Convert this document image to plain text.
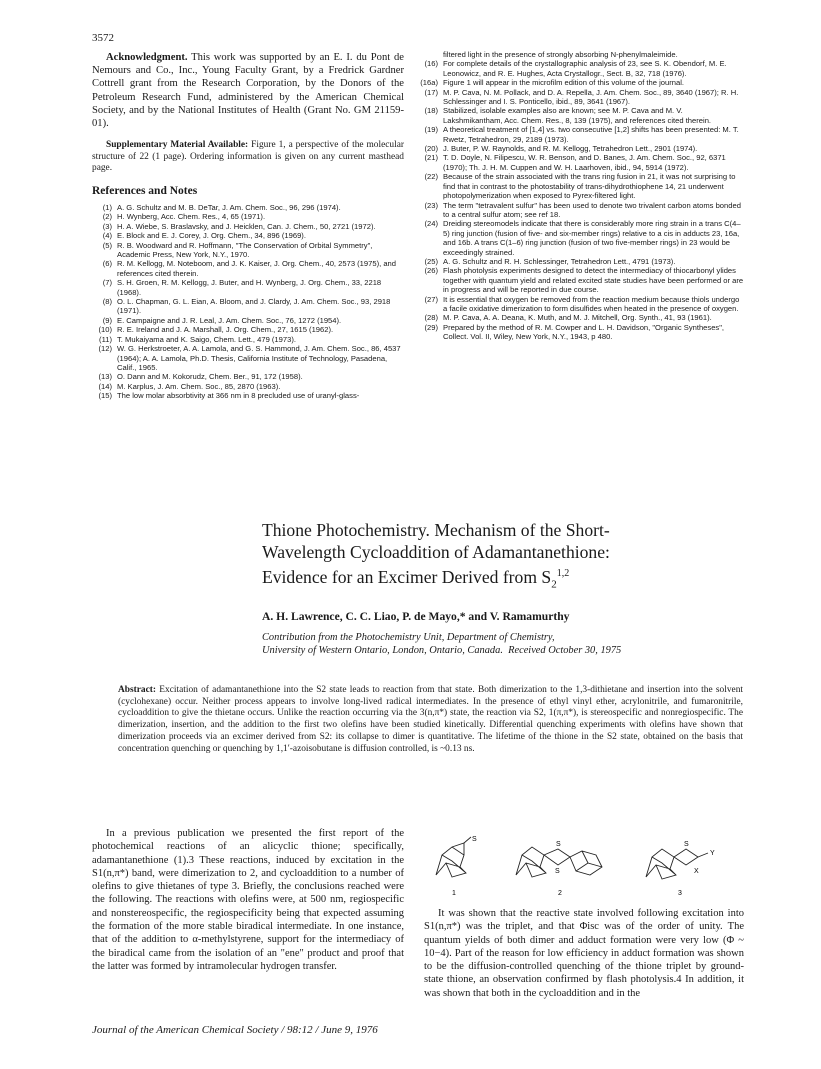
3572

Acknowledgment. This work was supported by an E. I. du Pont de Nemours and Co., Inc., Young Faculty Grant, by a Fredrick Gardner Cottrell grant from the Research Corporation, by the Donors of the Petroleum Research Fund, administered by the American Chemical Society, and by the National Institutes of Health (Grant No. GM 21159-01).

Supplementary Material Available: Figure 1, a perspective of the molecular structure of 22 (1 page). Ordering information is given on any current masthead page.

References and Notes
(1) A. G. Schultz and M. B. DeTar, J. Am. Chem. Soc., 96, 296 (1974).
(2) H. Wynberg, Acc. Chem. Res., 4, 65 (1971).
(3) H. A. Wiebe, S. Braslavsky, and J. Heicklen, Can. J. Chem., 50, 2721 (1972).
(4) E. Block and E. J. Corey, J. Org. Chem., 34, 896 (1969).
(5) R. B. Woodward and R. Hoffmann, "The Conservation of Orbital Symmetry", Academic Press, New York, N.Y., 1970.
(6) R. M. Kellogg, M. Noteboom, and J. K. Kaiser, J. Org. Chem., 40, 2573 (1975), and references cited therein.
(7) S. H. Groen, R. M. Kellogg, J. Buter, and H. Wynberg, J. Org. Chem., 33, 2218 (1968).
(8) O. L. Chapman, G. L. Eian, A. Bloom, and J. Clardy, J. Am. Chem. Soc., 93, 2918 (1971).
(9) E. Campaigne and J. R. Leal, J. Am. Chem. Soc., 76, 1272 (1954).
(10) R. E. Ireland and J. A. Marshall, J. Org. Chem., 27, 1615 (1962).
(11) T. Mukaiyama and K. Saigo, Chem. Lett., 479 (1973).
(12) W. G. Herkstroeter, A. A. Lamola, and G. S. Hammond, J. Am. Chem. Soc., 86, 4537 (1964); A. A. Lamola, Ph.D. Thesis, California Institute of Technology, Pasadena, Calif., 1965.
(13) O. Dann and M. Kokorudz, Chem. Ber., 91, 172 (1958).
(14) M. Karplus, J. Am. Chem. Soc., 85, 2870 (1963).
(15) The low molar absorbtivity at 366 nm in 8 precluded use of uranyl-glass-
filtered light in the presence of strongly absorbing N-phenylmaleimide.
(16) For complete details of the crystallographic analysis of 23, see S. K. Obendorf, M. E. Leonowicz, and R. E. Hughes, Acta Crystallogr., Sect. B, 32, 718 (1976).
(16a) Figure 1 will appear in the microfilm edition of this volume of the journal.
(17) M. P. Cava, N. M. Pollack, and D. A. Repella, J. Am. Chem. Soc., 89, 3640 (1967); R. H. Schlessinger and I. S. Ponticello, ibid., 89, 3641 (1967).
(18) Stabilized, isolable examples also are known; see M. P. Cava and M. V. Lakshmikantham, Acc. Chem. Res., 8, 139 (1975), and references cited therein.
(19) A theoretical treatment of [1,4] vs. two consecutive [1,2] shifts has been presented: M. T. Rwetz, Tetrahedron, 29, 2189 (1973).
(20) J. Buter, P. W. Raynolds, and R. M. Kellogg, Tetrahedron Lett., 2901 (1974).
(21) T. D. Doyle, N. Filipescu, W. R. Benson, and D. Banes, J. Am. Chem. Soc., 92, 6371 (1970); Th. J. H. M. Cuppen and W. H. Laarhoven, ibid., 94, 5914 (1972).
(22) Because of the strain associated with the trans ring fusion in 21, it was not surprising to find that in contrast to the photostability of trans-dihydrothiophene 14, 21 underwent photopolymerization when exposed to Pyrex-filtered light.
(23) The term "tetravalent sulfur" has been used to denote two trivalent carbon atoms bonded to a central sulfur atom; see ref 18.
(24) Dreiding stereomodels indicate that there is considerably more ring strain in a trans C(4–5) ring junction (fusion of five- and six-member rings) relative to a cis in adducts 23, 16a, and 16b. A trans C(1–6) ring junction (fusion of two five-member rings) in 23 would be exceedingly strained.
(25) A. G. Schultz and R. H. Schlessinger, Tetrahedron Lett., 4791 (1973).
(26) Flash photolysis experiments designed to detect the intermediacy of thiocarbonyl ylides together with quantum yield and related excited state studies have been performed or are in progress and will be reported in due course.
(27) It is essential that oxygen be removed from the reaction medium because thiols undergo a facile oxidative dimerization to form disulfides when heated in the presence of oxygen.
(28) M. P. Cava, A. A. Deana, K. Muth, and M. J. Mitchell, Org. Synth., 41, 93 (1961).
(29) Prepared by the method of R. M. Cowper and L. H. Davidson, "Organic Syntheses", Collect. Vol. II, Wiley, New York, N.Y., 1943, p 480.
Thione Photochemistry. Mechanism of the Short-
Wavelength Cycloaddition of Adamantanethione:
Evidence for an Excimer Derived from $S_2^{1,2}$
A. H. Lawrence, C. C. Liao, P. de Mayo,* and V. Ramamurthy
Contribution from the Photochemistry Unit, Department of Chemistry,
University of Western Ontario, London, Ontario, Canada. Received October 30, 1975
Abstract: Excitation of adamantanethione into the S2 state leads to reaction from that state. Both dimerization to the 1,3-dithietane and insertion into the solvent (cyclohexane) occur. Neither process appears to involve long-lived radical intermediates. In the presence of ethyl vinyl ether, acrylonitrile, and fumaronitrile, cycloaddition to give the thietane occurs. Unlike the reaction occurring via the 3(n,π*) state, the reaction via S2, 1(π,π*), is stereospecific and nonregiospecific. The dimerization, insertion, and the addition to the first two olefins have been studied kinetically. Differential quenching experiments with olefins have shown that dimerization proceeds via an excimer derived from S2: its collapse to dimer is quantitative. The lifetime of the thione in the S2 state, obtained on the basis that concentration quenching or quenching by 1,1′-azoisobutane is diffusion controlled, is ~0.13 ns.

In a previous publication we presented the first report of the photochemical reactions of an alicyclic thione; specifically, adamantanethione (1).3 These reactions, induced by excitation in the S1(n,π*) band, were dimerization to 2, and cycloaddition to a number of olefins to give thietanes of type 3. Briefly, the conclusions reached were the following. The reactions with olefins were, at 500 nm, regiospecific and nonstereospecific, the regiospecificity being that expected assuming the formation of the more stable biradical intermediate. In one instance, that of the addition to α-methylstyrene, support for the intermediacy of the biradical came from the isolation of an "ene" product and proof that the latter was formed by intramolecular hydrogen transfer.

S
1
S
S
2
S
Y
X
3

It was shown that the reactive state involved following excitation into S1(n,π*) was the triplet, and that Φisc was of the order of unity. The quantum yields of both dimer and adduct formation were very low (Φ ~ 10−4). Part of the reason for low efficiency in adduct formation was shown to be the diffusion-controlled quenching of the thione triplet by ground-state thione, an observation confirmed by flash photolysis.4 In addition, it was shown that both in the cycloaddition and in the

Journal of the American Chemical Society / 98:12 / June 9, 1976
